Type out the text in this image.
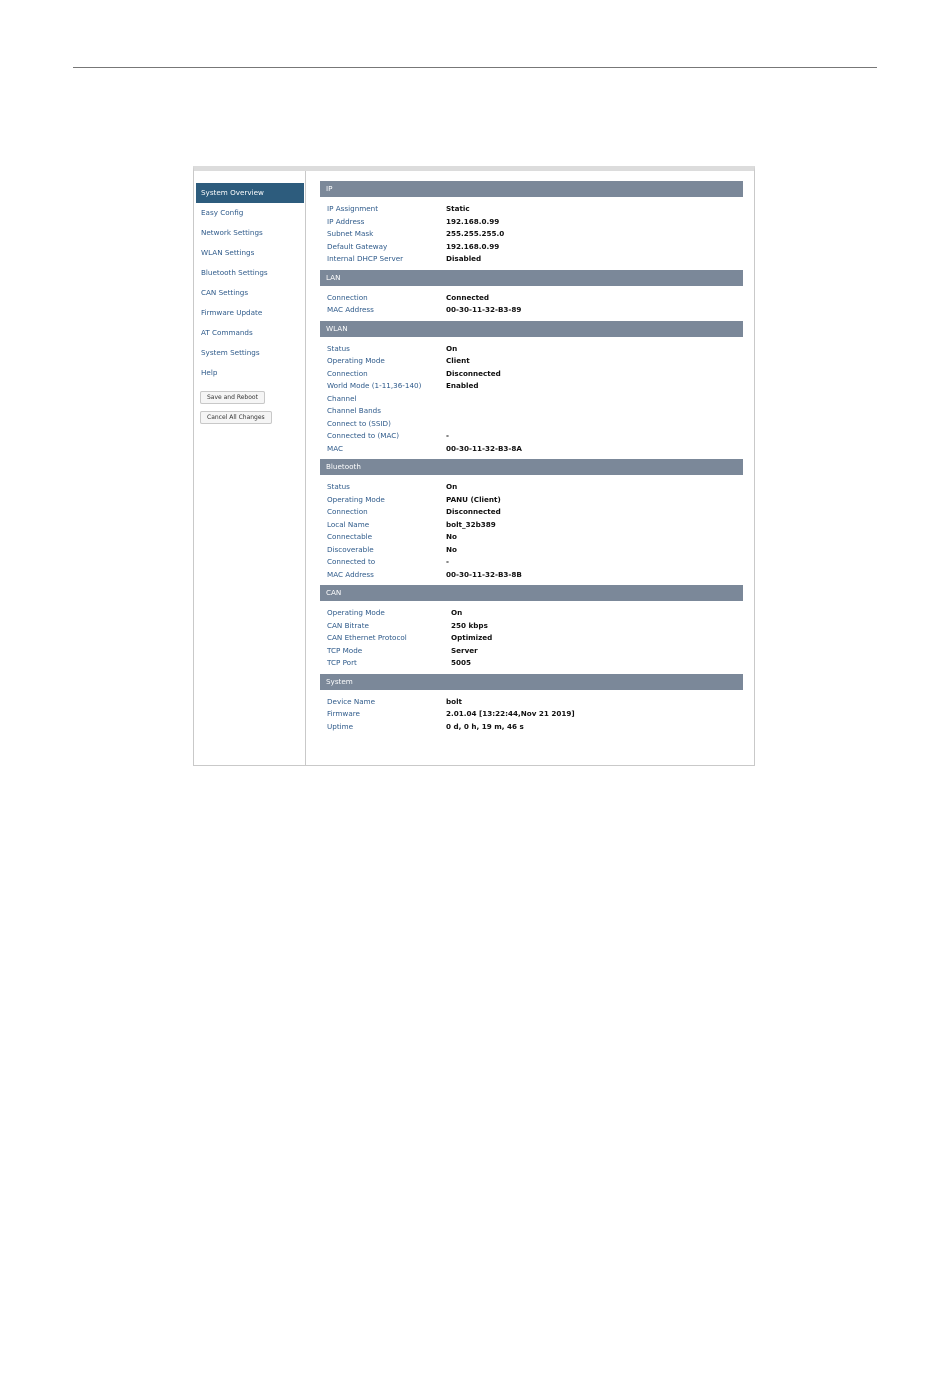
System Overview
Easy Config
Network Settings
WLAN Settings
Bluetooth Settings
CAN Settings
Firmware Update
AT Commands
System Settings
Help
Save and Reboot
Cancel All Changes
IP
IP Assignment	Static
IP Address	192.168.0.99
Subnet Mask	255.255.255.0
Default Gateway	192.168.0.99
Internal DHCP Server	Disabled
LAN
Connection	Connected
MAC Address	00-30-11-32-B3-89
WLAN
Status	On
Operating Mode	Client
Connection	Disconnected
World Mode (1-11,36-140)	Enabled
Channel
Channel Bands
Connect to (SSID)
Connected to (MAC)	-
MAC	00-30-11-32-B3-8A
Bluetooth
Status	On
Operating Mode	PANU (Client)
Connection	Disconnected
Local Name	bolt_32b389
Connectable	No
Discoverable	No
Connected to	-
MAC Address	00-30-11-32-B3-8B
CAN
Operating Mode	On
CAN Bitrate	250 kbps
CAN Ethernet Protocol	Optimized
TCP Mode	Server
TCP Port	5005
System
Device Name	bolt
Firmware	2.01.04 [13:22:44,Nov 21 2019]
Uptime	0 d, 0 h, 19 m, 46 s
